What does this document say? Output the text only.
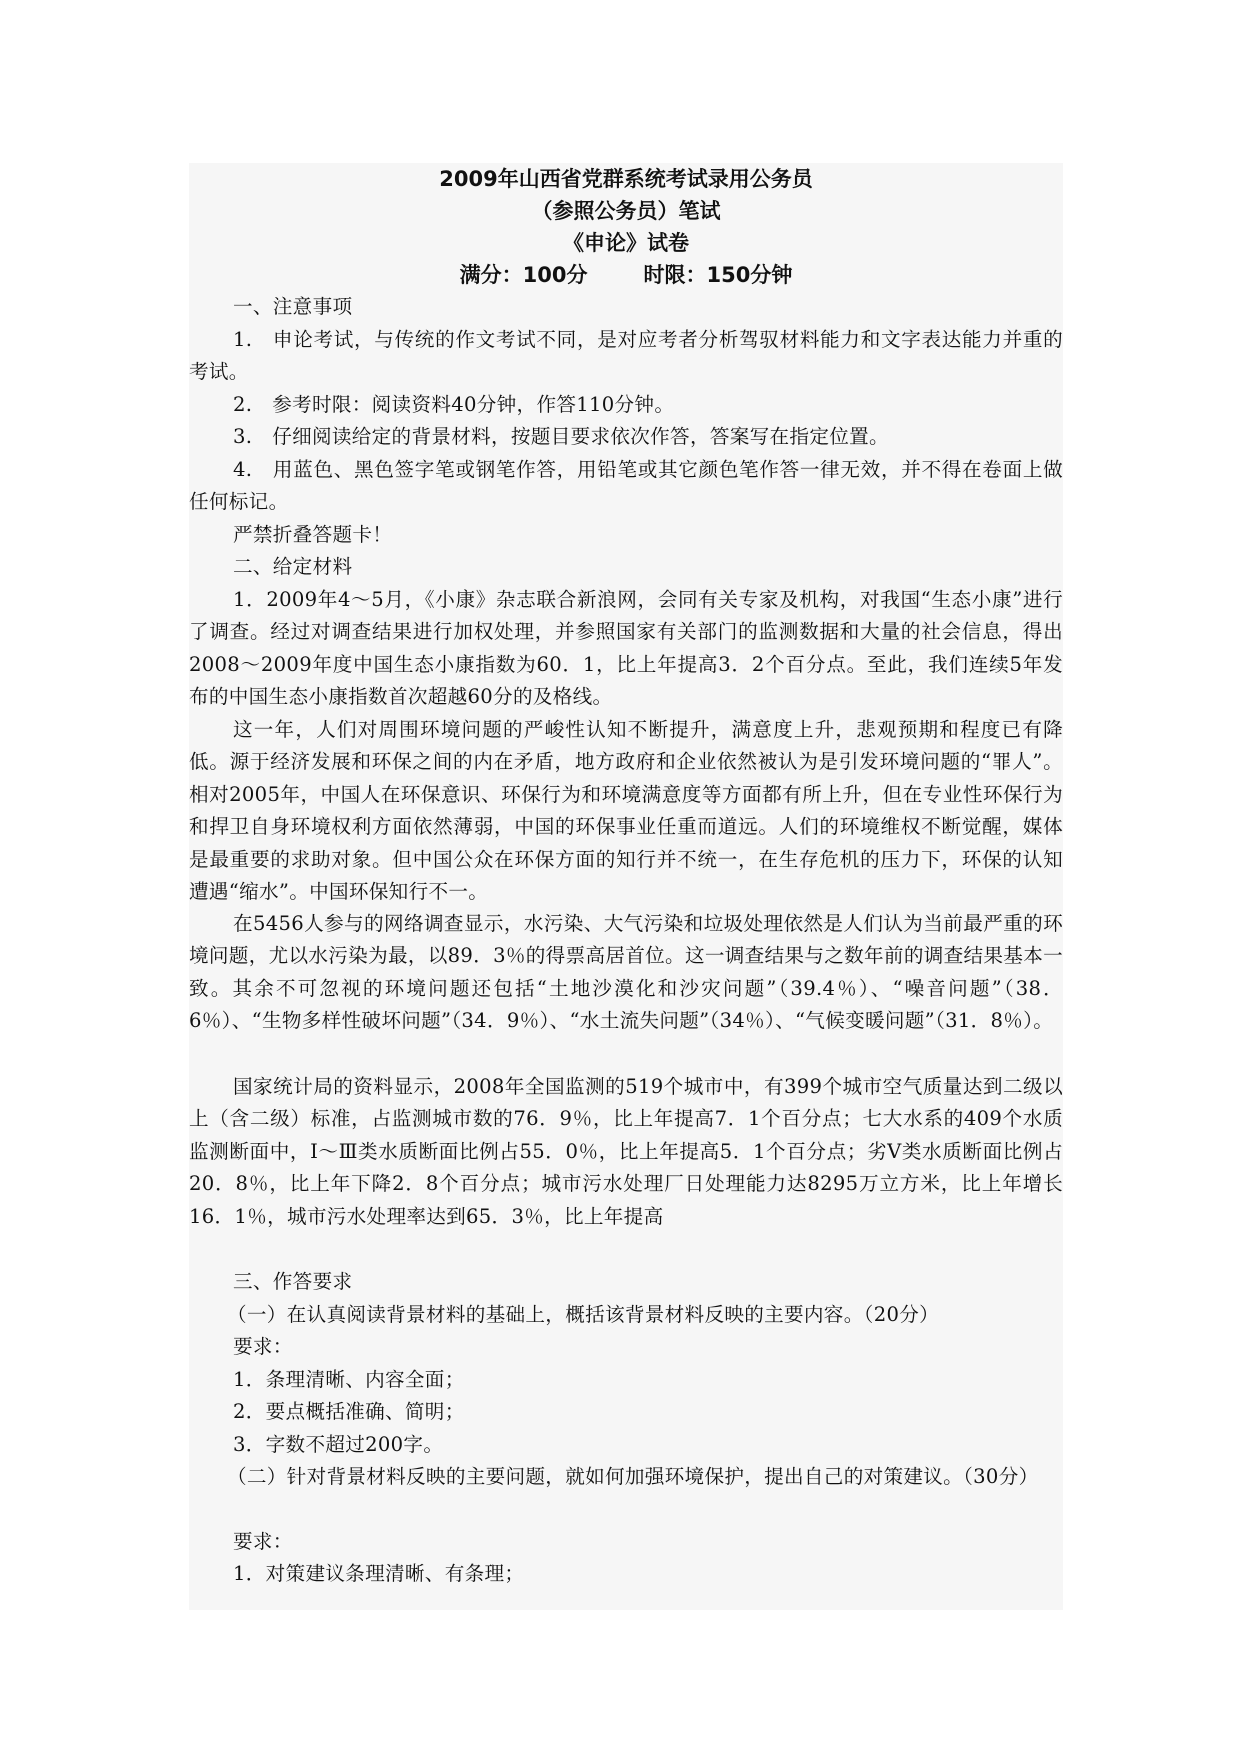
2009年山西省党群系统考试录用公务员
（参照公务员）笔试
《申论》试卷
满分：100分	时限：150分钟
一、注意事项
1.　申论考试，与传统的作文考试不同，是对应考者分析驾驭材料能力和文字表达能力并重的考试。
2.　参考时限：阅读资料40分钟，作答110分钟。
3.　仔细阅读给定的背景材料，按题目要求依次作答，答案写在指定位置。
4.　用蓝色、黑色签字笔或钢笔作答，用铅笔或其它颜色笔作答一律无效，并不得在卷面上做任何标记。
严禁折叠答题卡！
二、给定材料
1．2009年4～5月，《小康》杂志联合新浪网，会同有关专家及机构，对我国“生态小康”进行了调查。经过对调查结果进行加权处理，并参照国家有关部门的监测数据和大量的社会信息，得出2008～2009年度中国生态小康指数为60．1，比上年提高3．2个百分点。至此，我们连续5年发布的中国生态小康指数首次超越60分的及格线。
这一年，人们对周围环境问题的严峻性认知不断提升，满意度上升，悲观预期和程度已有降低。源于经济发展和环保之间的内在矛盾，地方政府和企业依然被认为是引发环境问题的“罪人”。相对2005年，中国人在环保意识、环保行为和环境满意度等方面都有所上升，但在专业性环保行为和捍卫自身环境权利方面依然薄弱，中国的环保事业任重而道远。人们的环境维权不断觉醒，媒体是最重要的求助对象。但中国公众在环保方面的知行并不统一，在生存危机的压力下，环保的认知遭遇“缩水”。中国环保知行不一。
在5456人参与的网络调查显示，水污染、大气污染和垃圾处理依然是人们认为当前最严重的环境问题，尤以水污染为最，以89．3％的得票高居首位。这一调查结果与之数年前的调查结果基本一致。其余不可忽视的环境问题还包括“土地沙漠化和沙灾问题”（39.4％）、“噪音问题”（38．6％）、“生物多样性破坏问题”（34．9％）、“水土流失问题”（34％）、“气候变暖问题”（31．8％）。
国家统计局的资料显示，2008年全国监测的519个城市中，有399个城市空气质量达到二级以上（含二级）标准，占监测城市数的76．9％，比上年提高7．1个百分点；七大水系的409个水质监测断面中，Ⅰ～Ⅲ类水质断面比例占55．0％，比上年提高5．1个百分点；劣Ⅴ类水质断面比例占20．8％，比上年下降2．8个百分点；城市污水处理厂日处理能力达8295万立方米，比上年增长16．1％，城市污水处理率达到65．3％，比上年提高
三、作答要求
（一）在认真阅读背景材料的基础上，概括该背景材料反映的主要内容。（20分）
要求：
1．条理清晰、内容全面；
2．要点概括准确、简明；
3．字数不超过200字。
（二）针对背景材料反映的主要问题，就如何加强环境保护，提出自己的对策建议。（30分）
要求：
1．对策建议条理清晰、有条理；
